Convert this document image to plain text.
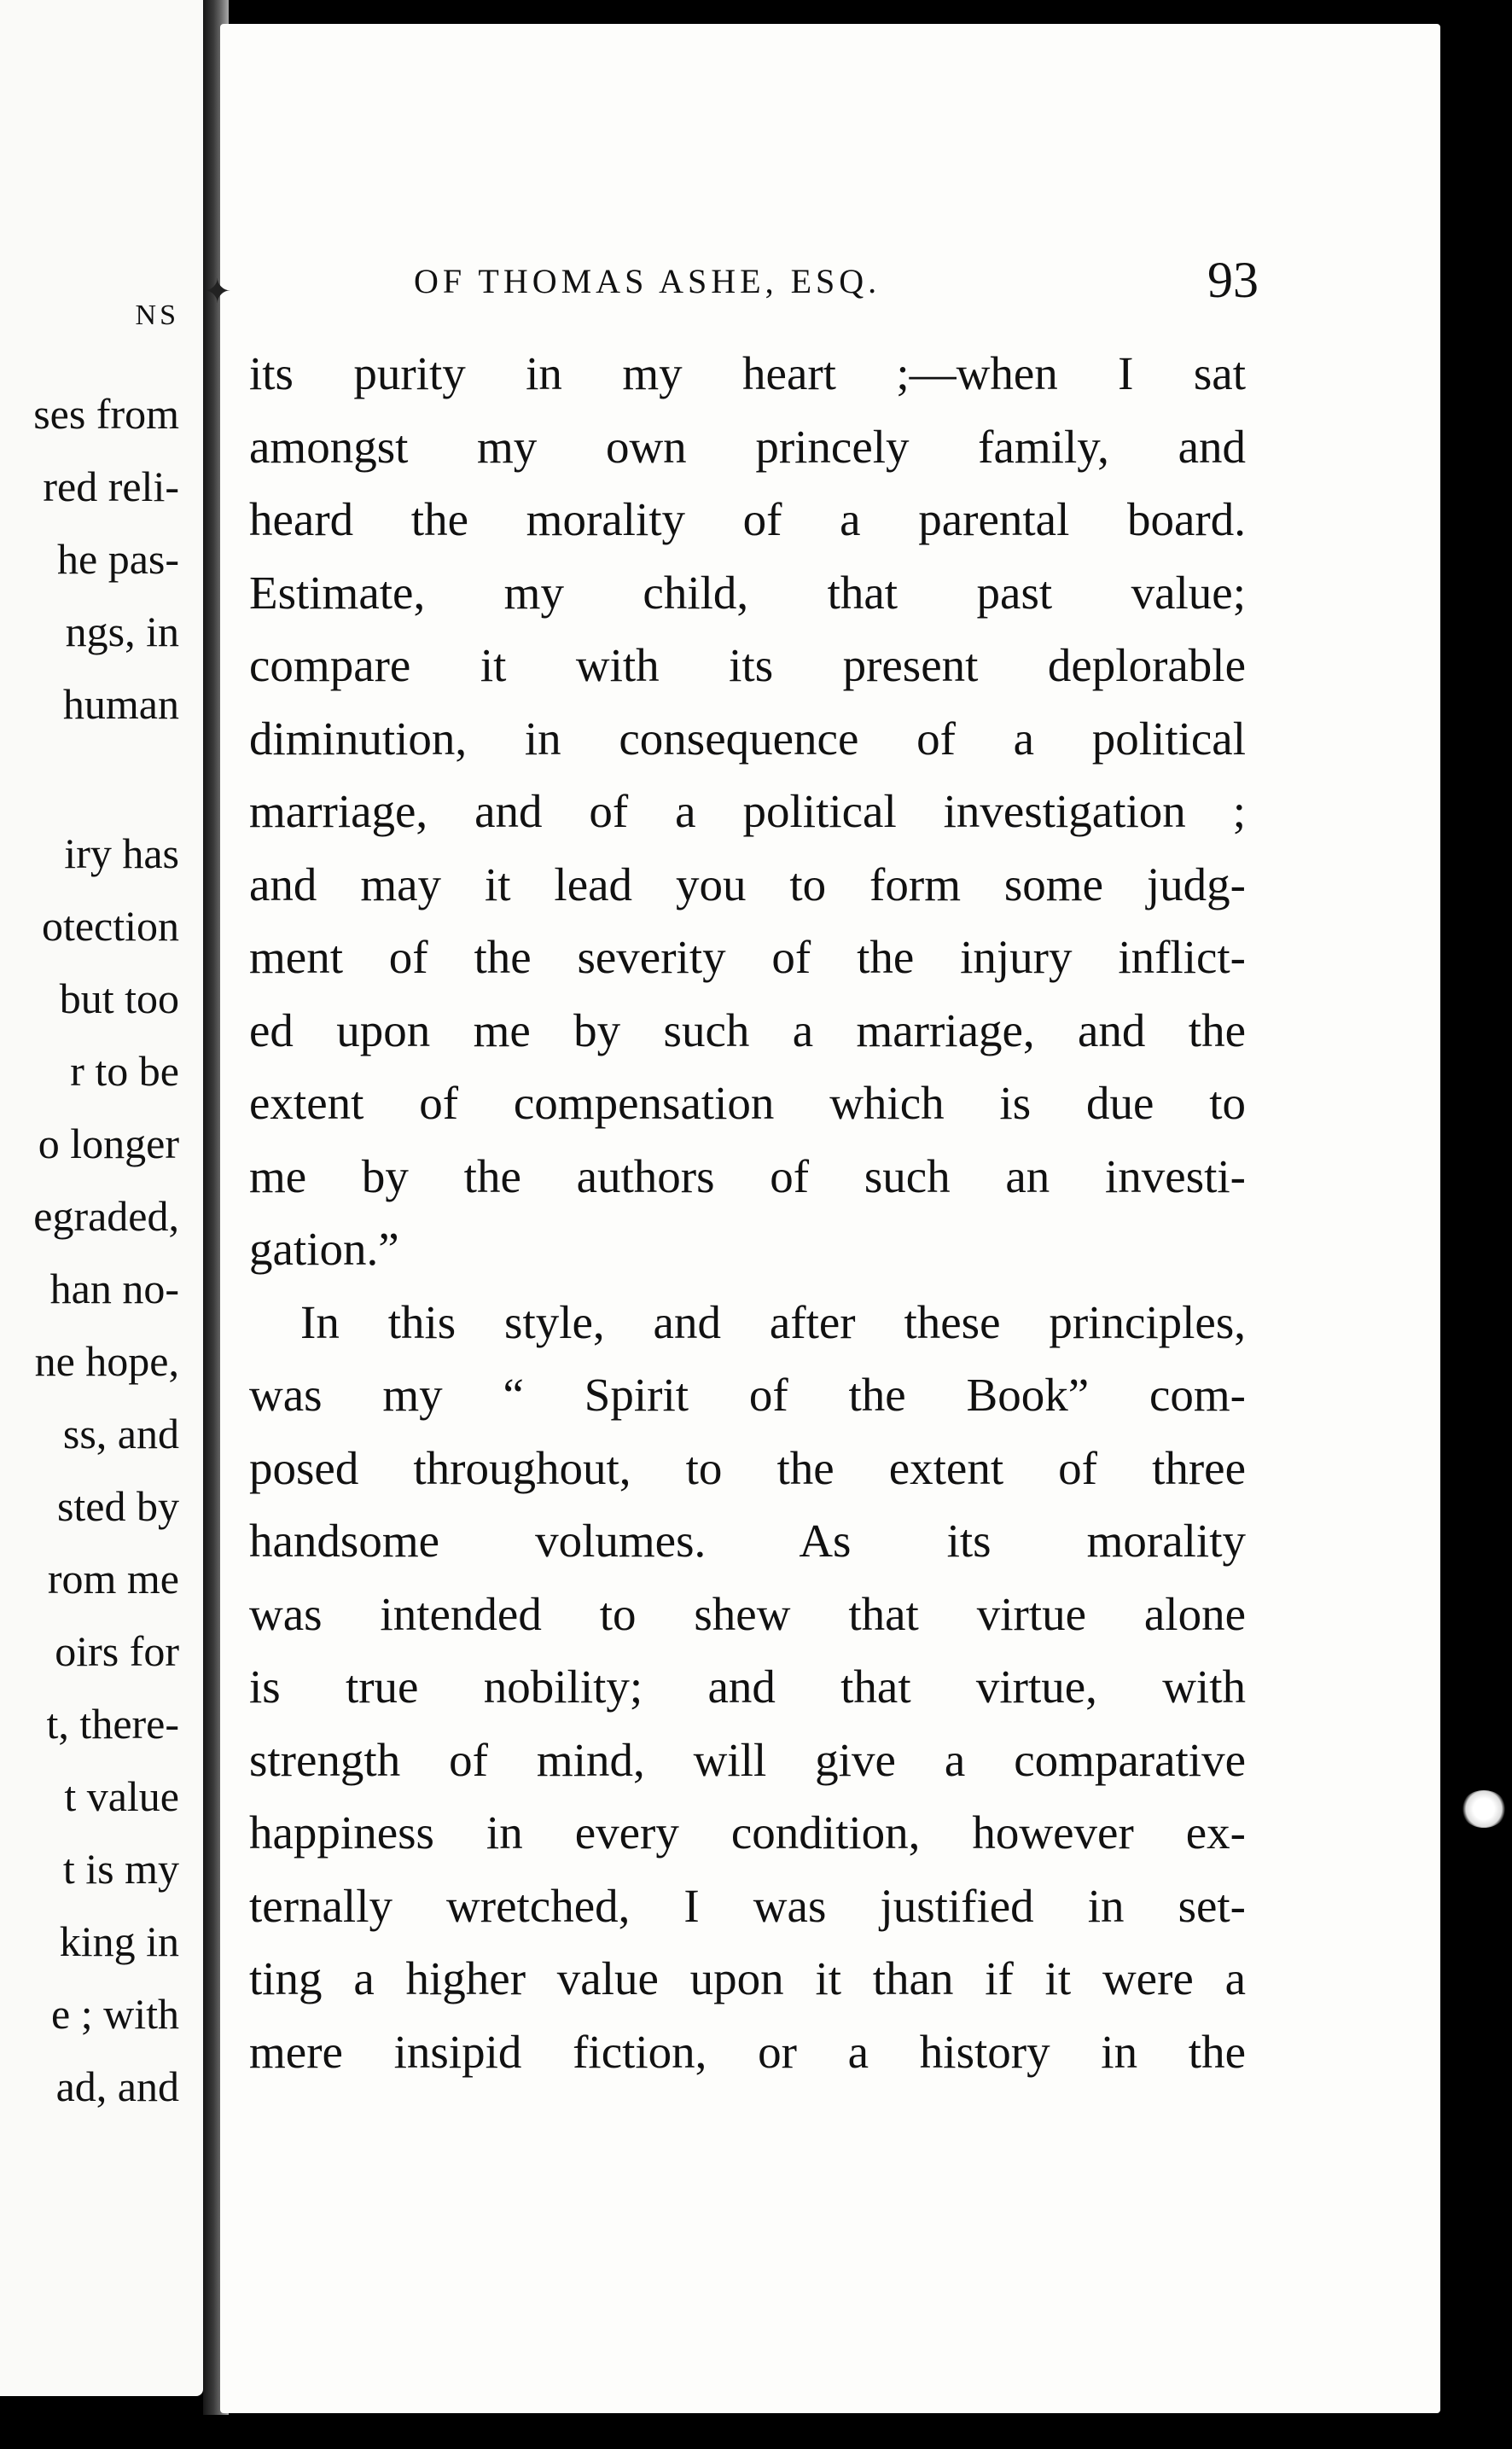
NS
ses from
red reli-
he pas-
ngs, in
human
iry has
otection
but too
r to be
o longer
egraded,
han no-
ne hope,
ss, and
sted by
rom me
oirs for
t, there-
t value
t is my
king in
e ; with
ad, and
✦	OF THOMAS ASHE, ESQ.	93
its purity in my heart ;—when I sat
amongst my own princely family, and
heard the morality of a parental board.
Estimate, my child, that past value;
compare it with its present deplorable
diminution, in consequence of a political
marriage, and of a political investigation ;
and may it lead you to form some judg-
ment of the severity of the injury inflict-
ed upon me by such a marriage, and the
extent of compensation which is due to
me by the authors of such an investi-
gation.”
In this style, and after these principles,
was my “ Spirit of the Book” com-
posed throughout, to the extent of three
handsome volumes. As its morality
was intended to shew that virtue alone
is true nobility; and that virtue, with
strength of mind, will give a comparative
happiness in every condition, however ex-
ternally wretched, I was justified in set-
ting a higher value upon it than if it were a
mere insipid fiction, or a history in the
